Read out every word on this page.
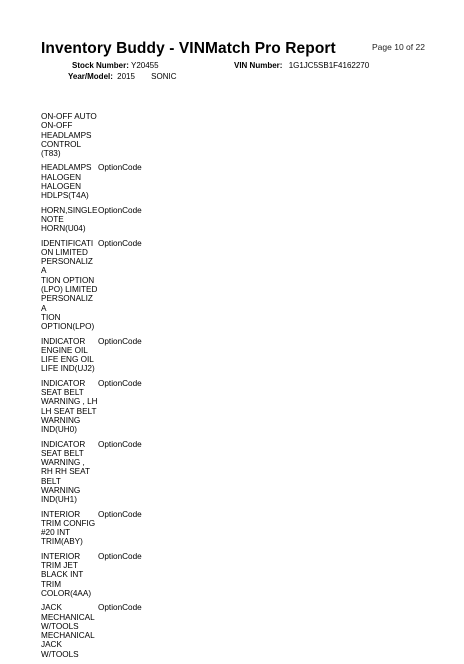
Page 10 of 22
Inventory Buddy - VINMatch Pro Report
Stock Number: Y20455	VIN Number: 1G1JC5SB1F4162270
Year/Model: 2015 SONIC
ON-OFF AUTO
ON-OFF
HEADLAMPS
CONTROL
(T83)
HEADLAMPS
HALOGEN
HALOGEN
HDLPS(T4A)
OptionCode
HORN,SINGLE
NOTE
HORN(U04)
OptionCode
IDENTIFICATI
ON LIMITED
PERSONALIZA
TION OPTION
(LPO) LIMITED
PERSONALIZA
TION
OPTION(LPO)
OptionCode
INDICATOR
ENGINE OIL
LIFE ENG OIL
LIFE IND(UJ2)
OptionCode
INDICATOR
SEAT BELT
WARNING , LH
LH SEAT BELT
WARNING
IND(UH0)
OptionCode
INDICATOR
SEAT BELT
WARNING ,
RH RH SEAT
BELT
WARNING
IND(UH1)
OptionCode
INTERIOR
TRIM CONFIG
#20 INT
TRIM(ABY)
OptionCode
INTERIOR
TRIM JET
BLACK INT
TRIM
COLOR(4AA)
OptionCode
JACK
MECHANICAL
W/TOOLS
MECHANICAL
JACK
W/TOOLS
OptionCode
